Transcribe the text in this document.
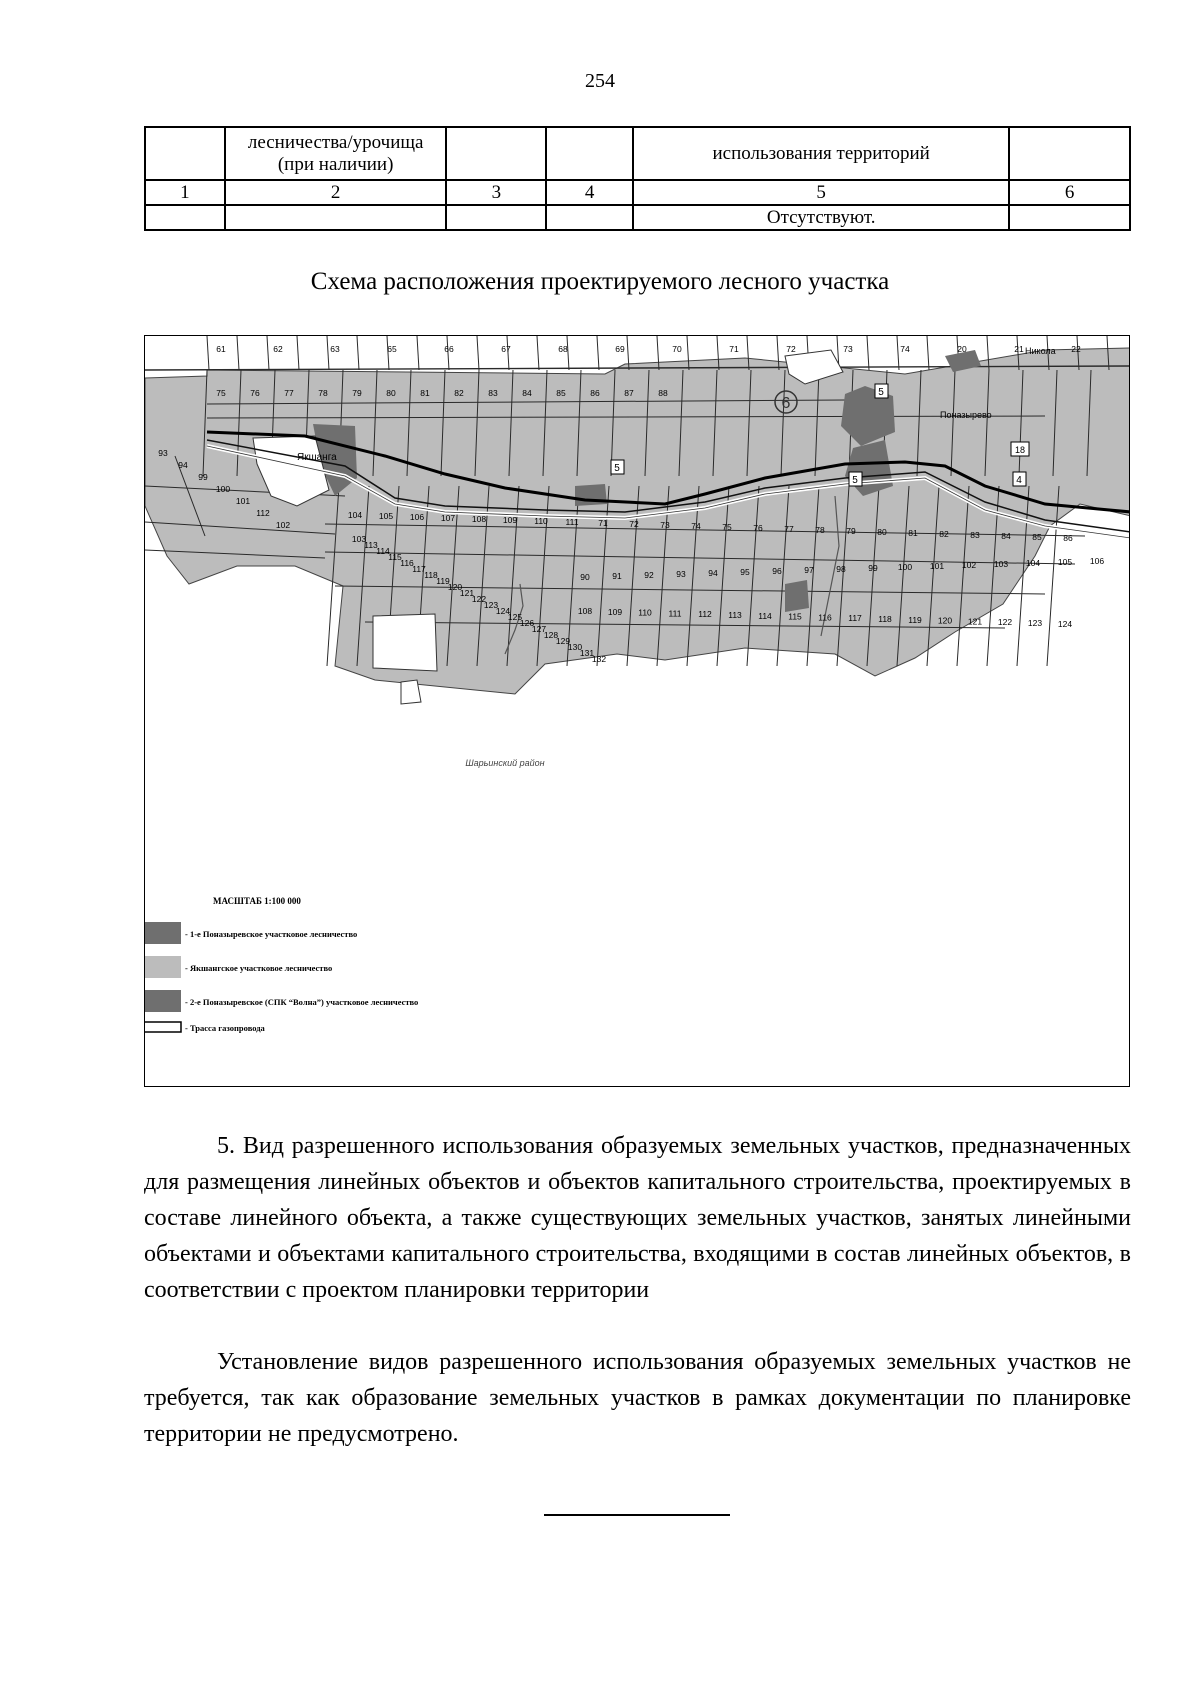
254
	лесничества/урочища (при наличии)			использования территорий	
1	2	3	4	5	6
				Отсутствуют.	
Схема расположения проектируемого лесного участка
61	62	63	65	66	67	68	69	70	71	72	73	74	20	21	22
75	76	77	78	79	80	81	82	83	84	85	86	87	88
104 105 106 107 108 109 110 111 71	72	73	74	75	76	77	78	79	80	81	82	83	84	85	86
90	91	92	93	94	95	96	97	98	99 100 101 102 103 104 105 106
108 109 110 111 112 113 114 115 116 117 118 119 120 121 122 123 124
93
94
99
100
101
112
102
103
113
114
115
116
117
118
119
120
121
122
123
124
125
126
127
128
129
130
131
132
Якшанга
Поназырево
Никола
Шарьинский район
6
5
5
5	4
18
МАСШТАБ 1:100 000
- 1-е Поназыревское участковое лесничество
- Якшангское участковое лесничество
- 2-е Поназыревское (СПК “Волна”) участковое лесничество
- Трасса газопровода

5. Вид разрешенного использования образуемых земельных участков, предназначенных для размещения линейных объектов и объектов капитального строительства, проектируемых в составе линейного объекта, а также существующих земельных участков, занятых линейными объектами и объектами капитального строительства, входящими в состав линейных объектов, в соответствии с проектом планировки территории

Установление видов разрешенного использования образуемых земельных участков не требуется, так как образование земельных участков в рамках документации по планировке территории не предусмотрено.
